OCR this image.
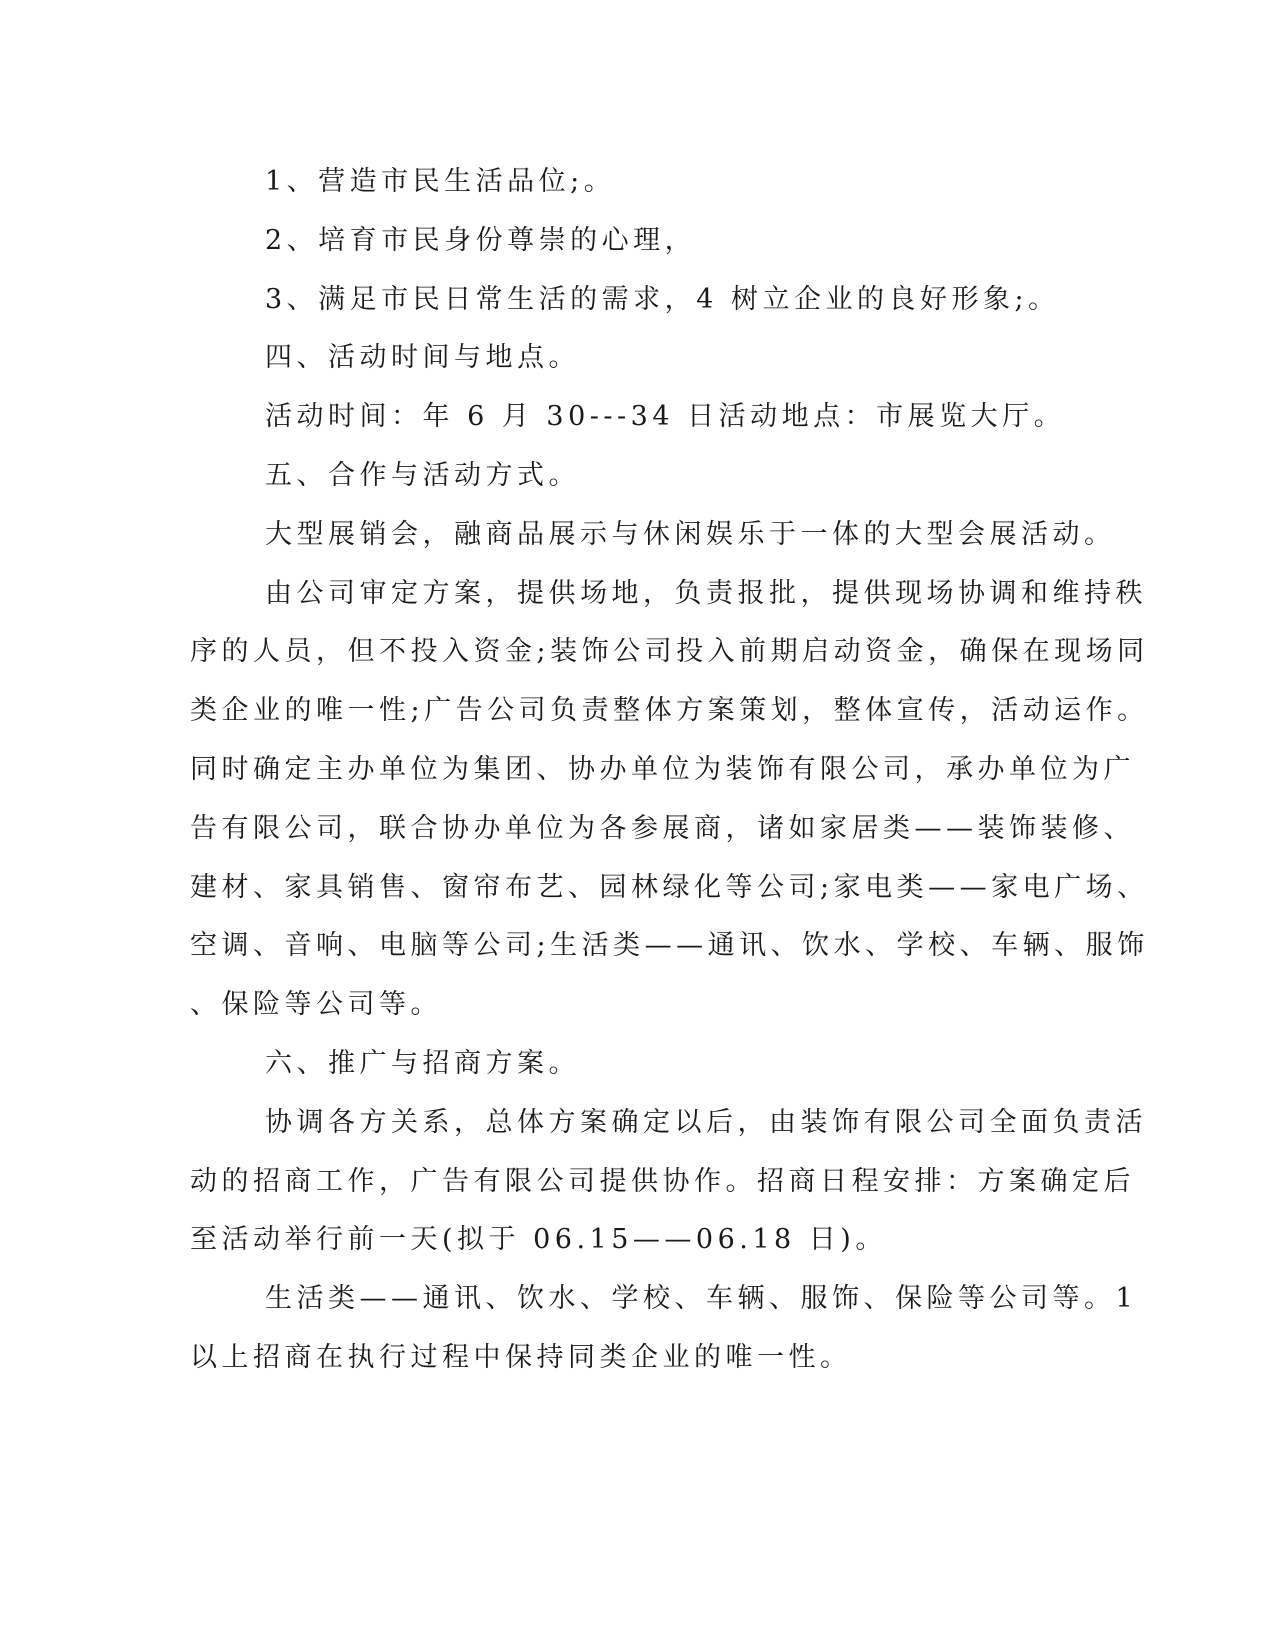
1、营造市民生活品位;。
2、培育市民身份尊崇的心理，
3、满足市民日常生活的需求，4 树立企业的良好形象;。
四、活动时间与地点。
活动时间：年 6 月 30---34 日活动地点：市展览大厅。
五、合作与活动方式。
大型展销会，融商品展示与休闲娱乐于一体的大型会展活动。
由公司审定方案，提供场地，负责报批，提供现场协调和维持秩
序的人员，但不投入资金;装饰公司投入前期启动资金，确保在现场同
类企业的唯一性;广告公司负责整体方案策划，整体宣传，活动运作。
同时确定主办单位为集团、协办单位为装饰有限公司，承办单位为广
告有限公司，联合协办单位为各参展商，诸如家居类——装饰装修、
建材、家具销售、窗帘布艺、园林绿化等公司;家电类——家电广场、
空调、音响、电脑等公司;生活类——通讯、饮水、学校、车辆、服饰
、保险等公司等。
六、推广与招商方案。
协调各方关系，总体方案确定以后，由装饰有限公司全面负责活
动的招商工作，广告有限公司提供协作。招商日程安排：方案确定后
至活动举行前一天(拟于 06.15——06.18 日)。
生活类——通讯、饮水、学校、车辆、服饰、保险等公司等。1
以上招商在执行过程中保持同类企业的唯一性。
